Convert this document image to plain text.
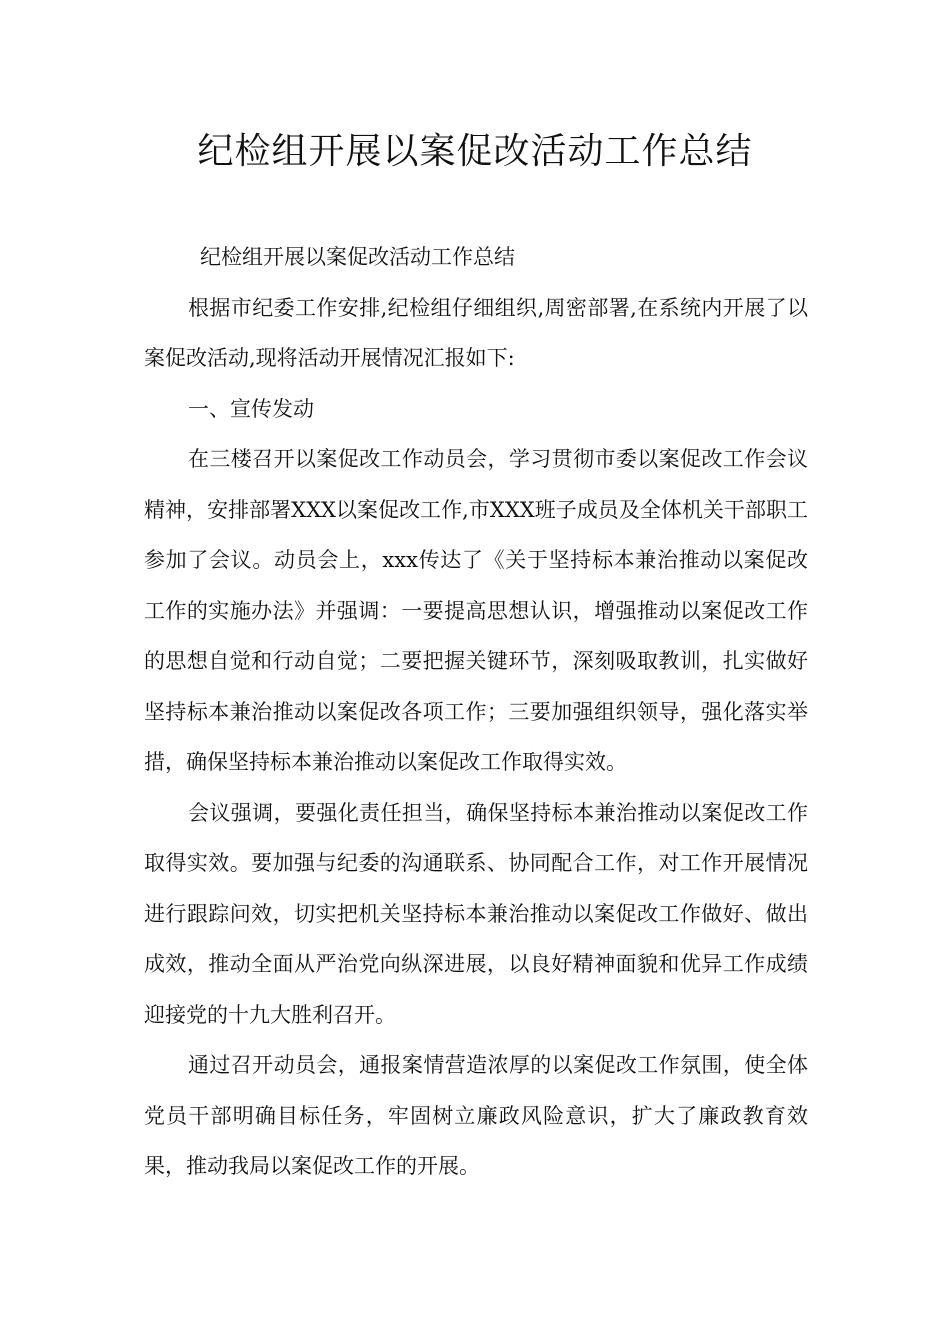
纪检组开展以案促改活动工作总结

纪检组开展以案促改活动工作总结

根据市纪委工作安排,纪检组仔细组织,周密部署,在系统内开展了以案促改活动,现将活动开展情况汇报如下:

一、宣传发动

在三楼召开以案促改工作动员会，学习贯彻市委以案促改工作会议精神，安排部署XXX以案促改工作,市XXX班子成员及全体机关干部职工参加了会议。动员会上，xxx传达了《关于坚持标本兼治推动以案促改工作的实施办法》并强调：一要提高思想认识，增强推动以案促改工作的思想自觉和行动自觉；二要把握关键环节，深刻吸取教训，扎实做好坚持标本兼治推动以案促改各项工作；三要加强组织领导，强化落实举措，确保坚持标本兼治推动以案促改工作取得实效。

会议强调，要强化责任担当，确保坚持标本兼治推动以案促改工作取得实效。要加强与纪委的沟通联系、协同配合工作，对工作开展情况进行跟踪问效，切实把机关坚持标本兼治推动以案促改工作做好、做出成效，推动全面从严治党向纵深进展，以良好精神面貌和优异工作成绩迎接党的十九大胜利召开。

通过召开动员会，通报案情营造浓厚的以案促改工作氛围，使全体党员干部明确目标任务，牢固树立廉政风险意识，扩大了廉政教育效果，推动我局以案促改工作的开展。
